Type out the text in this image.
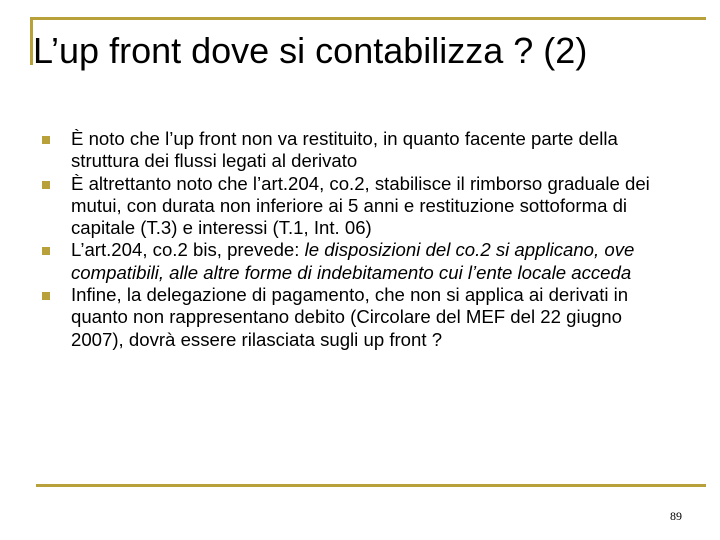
L’up front dove si contabilizza ? (2)
È noto che l’up front non va restituito, in quanto facente parte della struttura dei flussi legati al derivato
È altrettanto noto che l’art.204, co.2, stabilisce il rimborso graduale dei mutui, con durata non inferiore ai 5 anni e restituzione sottoforma di capitale (T.3) e interessi (T.1, Int. 06)
L’art.204, co.2 bis, prevede: le disposizioni del co.2 si applicano, ove compatibili, alle altre forme di indebitamento cui l’ente locale acceda
Infine, la delegazione di pagamento, che non si applica ai derivati in quanto non rappresentano debito (Circolare del MEF del 22 giugno 2007), dovrà essere rilasciata sugli up front ?
89
